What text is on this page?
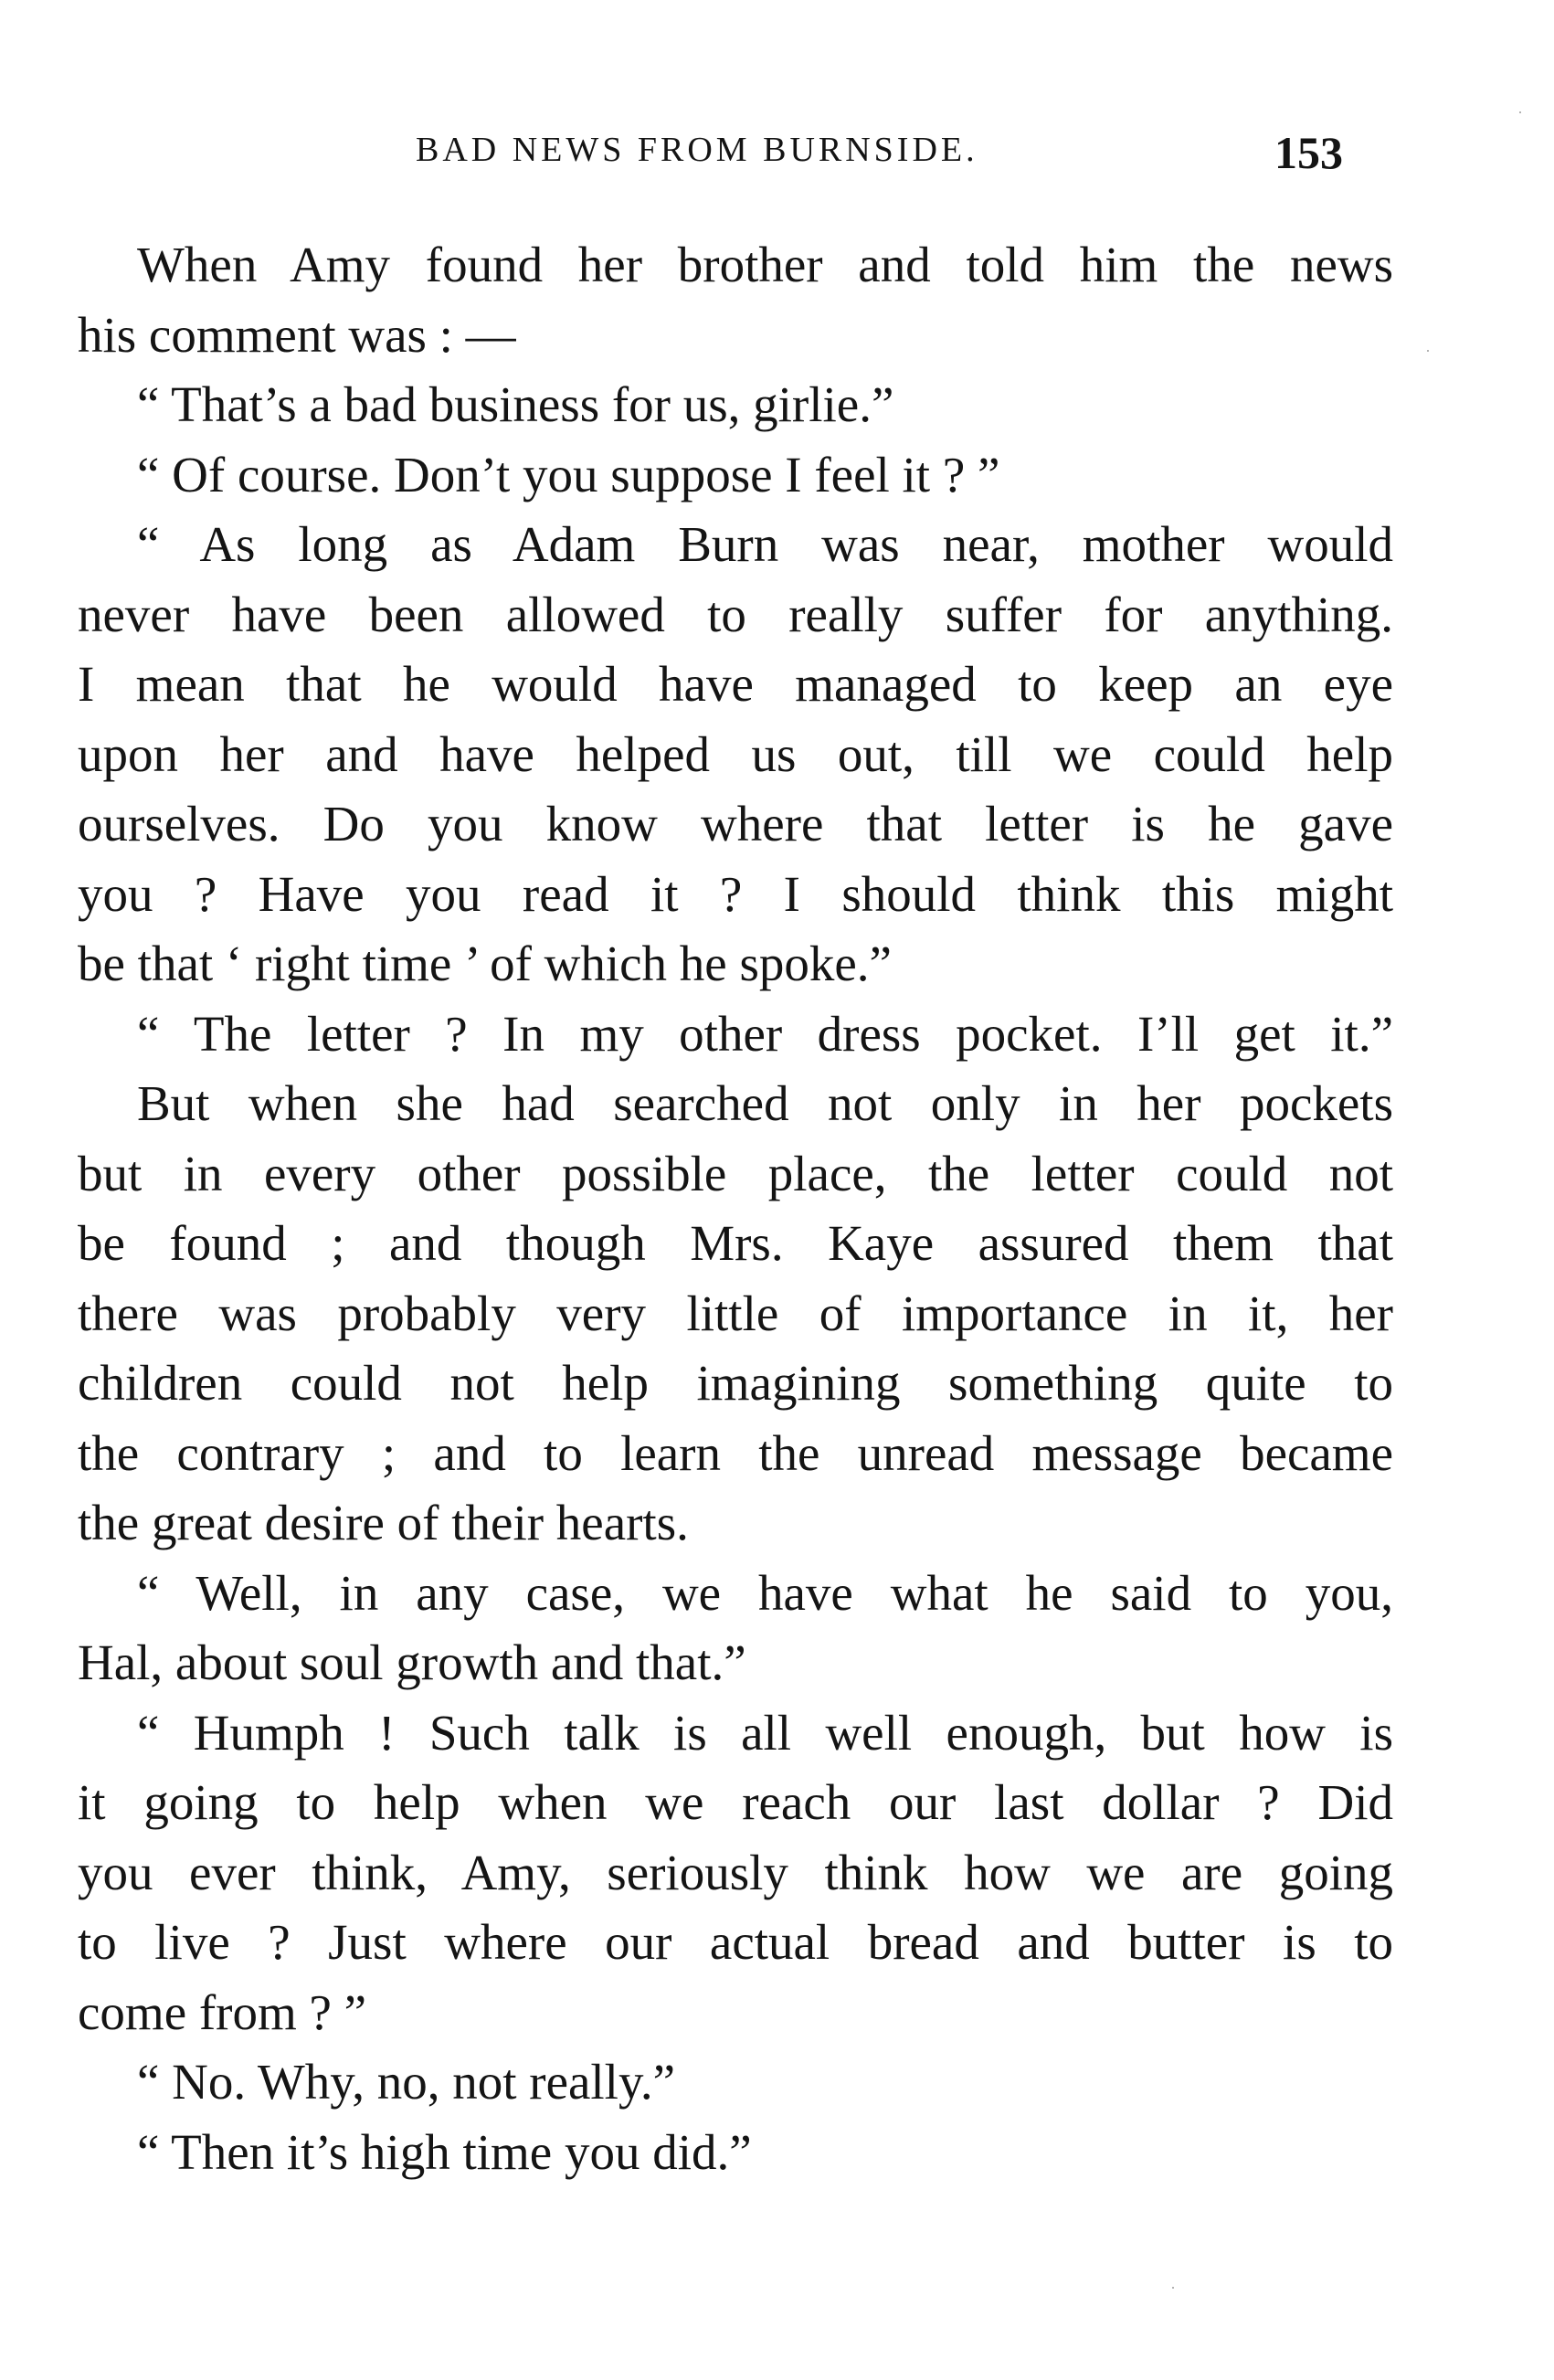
BAD NEWS FROM BURNSIDE.	153
When Amy found her brother and told him the news
his comment was : —
“ That’s a bad business for us, girlie.”
“ Of course. Don’t you suppose I feel it ? ”
“ As long as Adam Burn was near, mother would
never have been allowed to really suffer for anything.
I mean that he would have managed to keep an eye
upon her and have helped us out, till we could help
ourselves. Do you know where that letter is he gave
you ? Have you read it ? I should think this might
be that ‘ right time ’ of which he spoke.”
“ The letter ? In my other dress pocket. I’ll get it.”
But when she had searched not only in her pockets
but in every other possible place, the letter could not
be found ; and though Mrs. Kaye assured them that
there was probably very little of importance in it, her
children could not help imagining something quite to
the contrary ; and to learn the unread message became
the great desire of their hearts.
“ Well, in any case, we have what he said to you,
Hal, about soul growth and that.”
“ Humph ! Such talk is all well enough, but how is
it going to help when we reach our last dollar ? Did
you ever think, Amy, seriously think how we are going
to live ? Just where our actual bread and butter is to
come from ? ”
“ No. Why, no, not really.”
“ Then it’s high time you did.”
